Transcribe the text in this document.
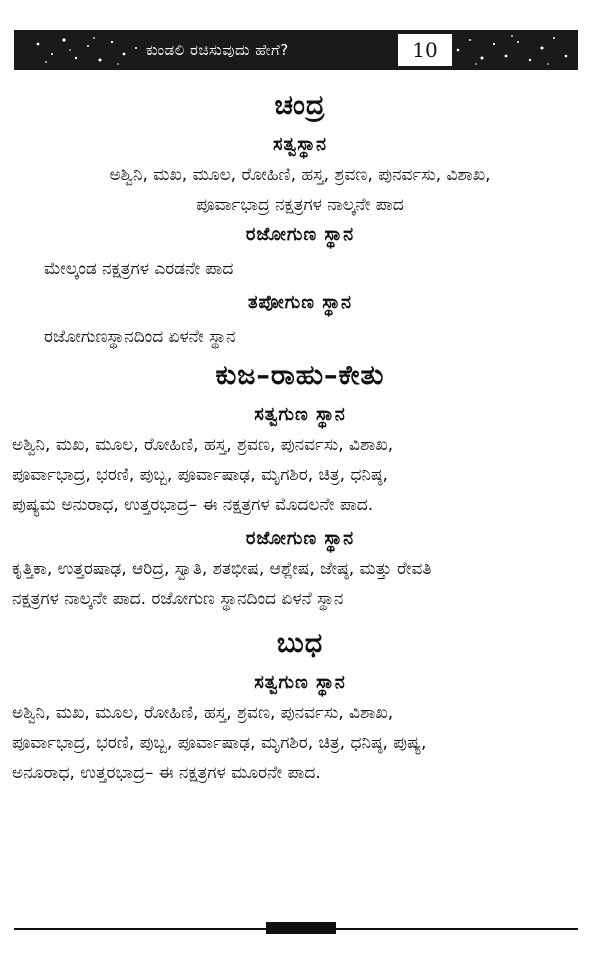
ಕುಂಡಲಿ ರಚಿಸುವುದು ಹೇಗೆ?	10
ಚಂದ್ರ
ಸತ್ವಸ್ಥಾನ

ಅಶ್ವಿನಿ, ಮಖ, ಮೂಲ, ರೋಹಿಣಿ, ಹಸ್ತ, ಶ್ರವಣ, ಪುನರ್ವಸು, ವಿಶಾಖ,

ಪೂರ್ವಾಭಾದ್ರ ನಕ್ಷತ್ರಗಳ ನಾಲ್ಕನೇ ಪಾದ

ರಜೋಗುಣ ಸ್ಥಾನ

ಮೇಲ್ಕಂಡ ನಕ್ಷತ್ರಗಳ ಎರಡನೇ ಪಾದ

ತಪೋಗುಣ ಸ್ಥಾನ

ರಜೋಗುಣಸ್ಥಾನದಿಂದ ಏಳನೇ ಸ್ಥಾನ

ಕುಜ–ರಾಹು–ಕೇತು
ಸತ್ವಗುಣ ಸ್ಥಾನ

ಅಶ್ವಿನಿ, ಮಖ, ಮೂಲ, ರೋಹಿಣಿ, ಹಸ್ತ, ಶ್ರವಣ, ಪುನರ್ವಸು, ವಿಶಾಖ,

ಪೂರ್ವಾಭಾದ್ರ, ಭರಣಿ, ಪುಬ್ಬ, ಪೂರ್ವಾಷಾಢ, ಮೃಗಶಿರ, ಚಿತ್ರ, ಧನಿಷ್ಠ,

ಪುಷ್ಯಮ ಅನುರಾಧ, ಉತ್ತರಭಾದ್ರ– ಈ ನಕ್ಷತ್ರಗಳ ಮೊದಲನೇ ಪಾದ.

ರಜೋಗುಣ ಸ್ಥಾನ

ಕೃತ್ತಿಕಾ, ಉತ್ತರಷಾಢ, ಆರಿದ್ರ, ಸ್ವಾತಿ, ಶತಭೀಷ, ಆಶ್ಲೇಷ, ಜೇಷ್ಠ, ಮತ್ತು ರೇವತಿ

ನಕ್ಷತ್ರಗಳ ನಾಲ್ಕನೇ ಪಾದ. ರಜೋಗುಣ ಸ್ಥಾನದಿಂದ ಏಳನೆ ಸ್ಥಾನ

ಬುಧ
ಸತ್ವಗುಣ ಸ್ಥಾನ

ಅಶ್ವಿನಿ, ಮಖ, ಮೂಲ, ರೋಹಿಣಿ, ಹಸ್ತ, ಶ್ರವಣ, ಪುನರ್ವಸು, ವಿಶಾಖ,

ಪೂರ್ವಾಭಾದ್ರ, ಭರಣಿ, ಪುಬ್ಬ, ಪೂರ್ವಾಷಾಢ, ಮೃಗಶಿರ, ಚಿತ್ರ, ಧನಿಷ್ಠ, ಪುಷ್ಯ,

ಅನೂರಾಧ, ಉತ್ತರಭಾದ್ರ– ಈ ನಕ್ಷತ್ರಗಳ ಮೂರನೇ ಪಾದ.
